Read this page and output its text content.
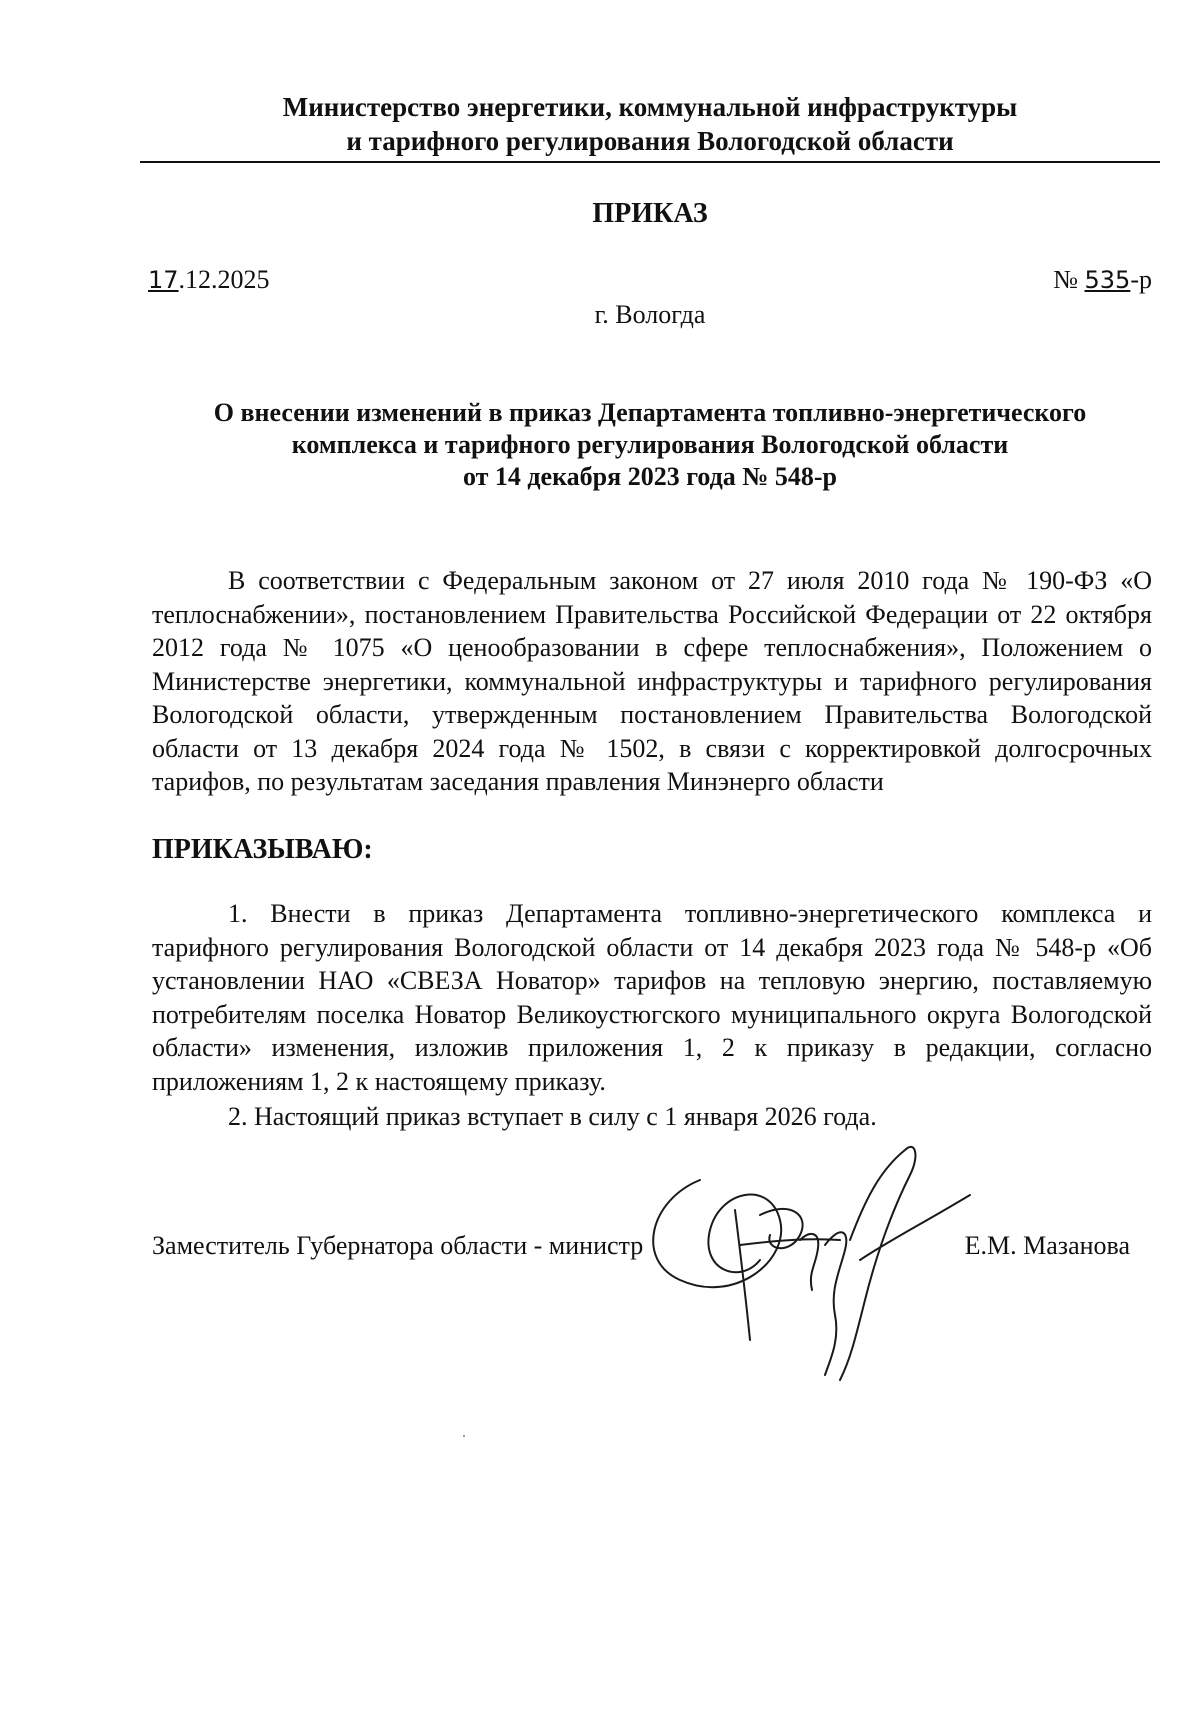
Министерство энергетики, коммунальной инфраструктуры
и тарифного регулирования Вологодской области
ПРИКАЗ
17.12.2025	№ 535-р
г. Вологда
О внесении изменений в приказ Департамента топливно-энергетического
комплекса и тарифного регулирования Вологодской области
от 14 декабря 2023 года № 548-р
В соответствии с Федеральным законом от 27 июля 2010 года № 190-ФЗ «О теплоснабжении», постановлением Правительства Российской Федерации от 22 октября 2012 года № 1075 «О ценообразовании в сфере теплоснабжения», Положением о Министерстве энергетики, коммунальной инфраструктуры и тарифного регулирования Вологодской области, утвержденным постановлением Правительства Вологодской области от 13 декабря 2024 года № 1502, в связи с корректировкой долгосрочных тарифов, по результатам заседания правления Минэнерго области
ПРИКАЗЫВАЮ:
1. Внести в приказ Департамента топливно-энергетического комплекса и тарифного регулирования Вологодской области от 14 декабря 2023 года № 548-р «Об установлении НАО «СВЕЗА Новатор» тарифов на тепловую энергию, поставляемую потребителям поселка Новатор Великоустюгского муниципального округа Вологодской области» изменения, изложив приложения 1, 2 к приказу в редакции, согласно приложениям 1, 2 к настоящему приказу.
2. Настоящий приказ вступает в силу с 1 января 2026 года.
Заместитель Губернатора области - министр	Е.М. Мазанова
